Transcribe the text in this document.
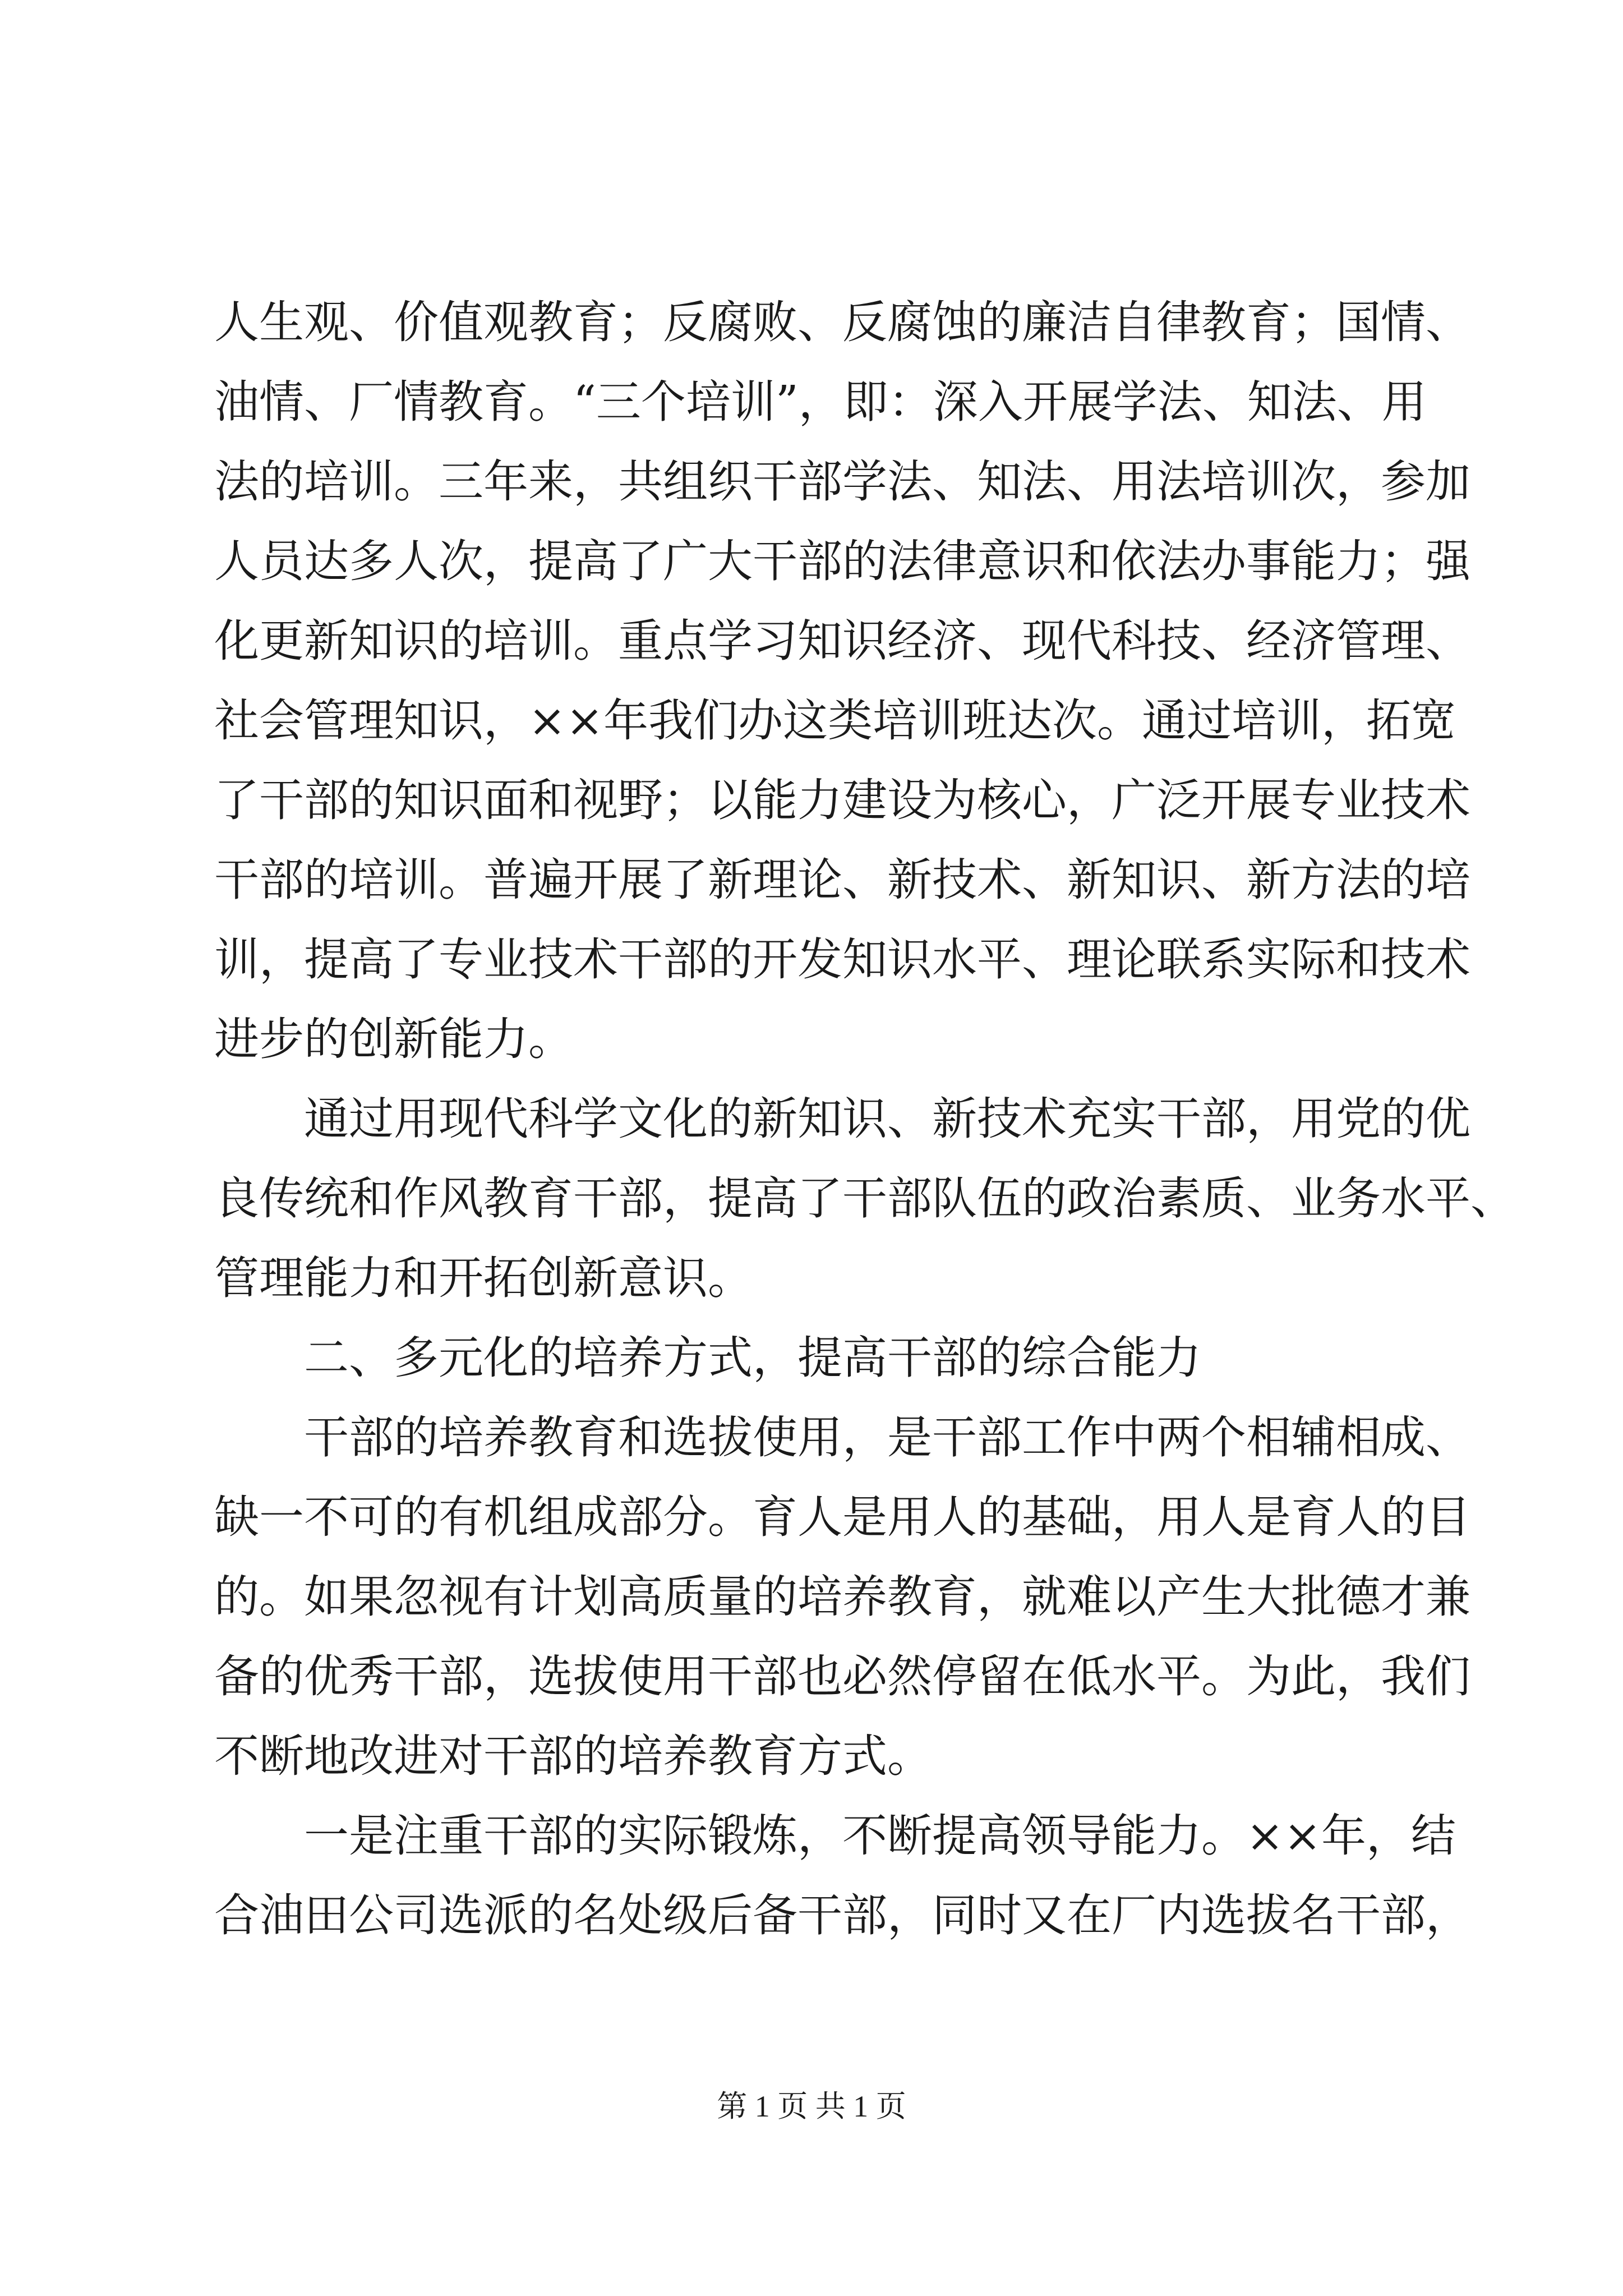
人生观、价值观教育；反腐败、反腐蚀的廉洁自律教育；国情、
油情、厂情教育。“三个培训”，即：深入开展学法、知法、用
法的培训。三年来，共组织干部学法、知法、用法培训次，参加
人员达多人次，提高了广大干部的法律意识和依法办事能力；强
化更新知识的培训。重点学习知识经济、现代科技、经济管理、
社会管理知识，××年我们办这类培训班达次。通过培训，拓宽
了干部的知识面和视野；以能力建设为核心，广泛开展专业技术
干部的培训。普遍开展了新理论、新技术、新知识、新方法的培
训，提高了专业技术干部的开发知识水平、理论联系实际和技术
进步的创新能力。
　　通过用现代科学文化的新知识、新技术充实干部，用党的优
良传统和作风教育干部，提高了干部队伍的政治素质、业务水平、
管理能力和开拓创新意识。
　　二、多元化的培养方式，提高干部的综合能力
　　干部的培养教育和选拔使用，是干部工作中两个相辅相成、
缺一不可的有机组成部分。育人是用人的基础，用人是育人的目
的。如果忽视有计划高质量的培养教育，就难以产生大批德才兼
备的优秀干部，选拔使用干部也必然停留在低水平。为此，我们
不断地改进对干部的培养教育方式。
　　一是注重干部的实际锻炼，不断提高领导能力。××年，结
合油田公司选派的名处级后备干部，同时又在厂内选拔名干部，
第 1 页 共 1 页
